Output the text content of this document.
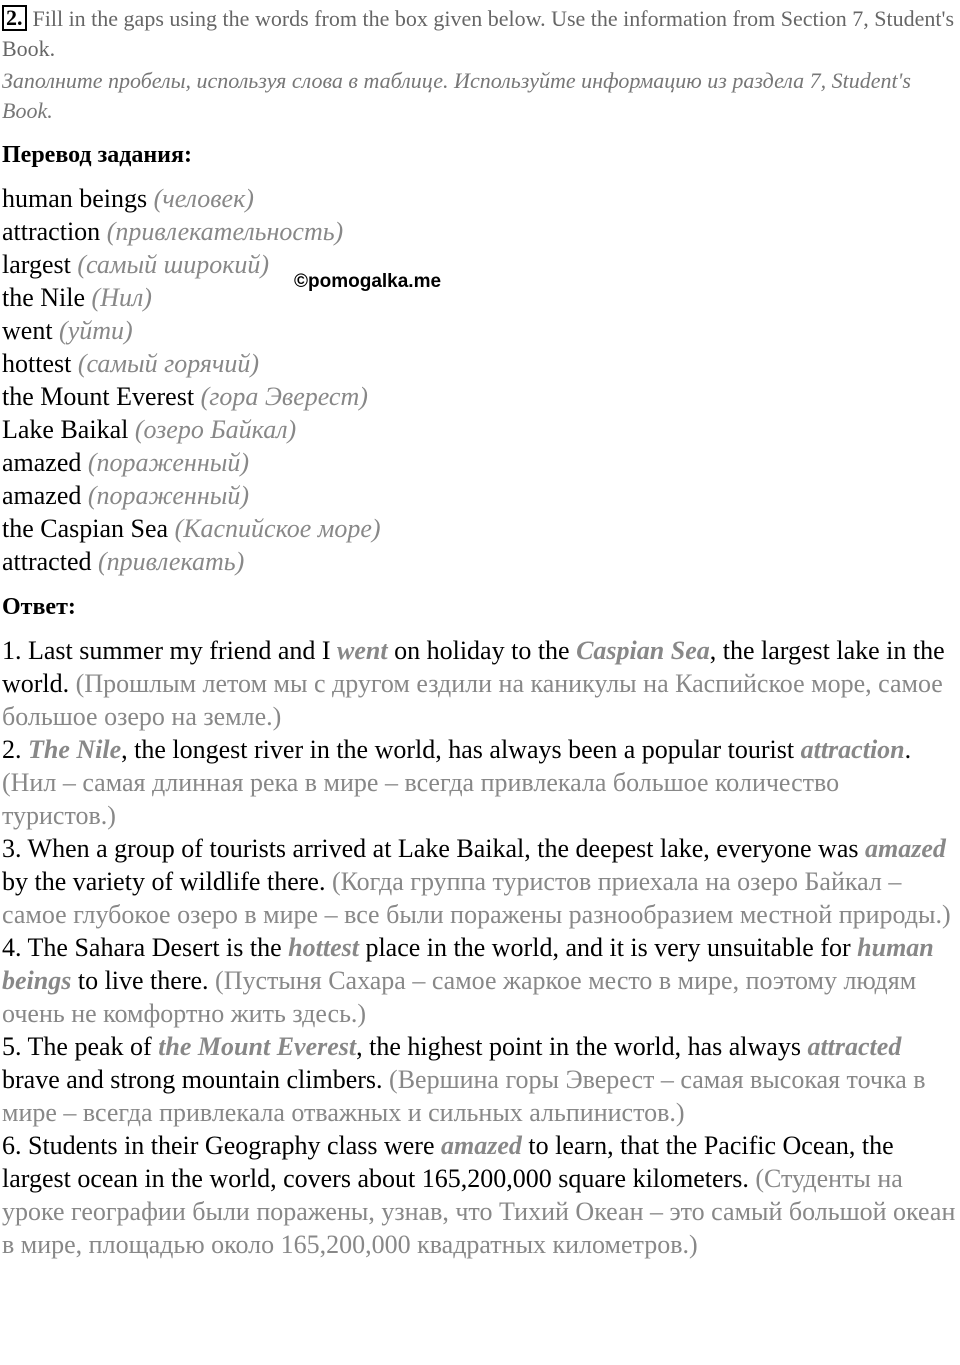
2. Fill in the gaps using the words from the box given below. Use the information from Section 7, Student's Book.
Заполните пробелы, используя слова в таблице. Используйте информацию из раздела 7, Student's Book.
Перевод задания:
human beings (человек)
attraction (привлекательность)
largest (самый широкий)
the Nile (Нил)
went (уйти)
hottest (самый горячий)
the Mount Everest (гора Эверест)
Lake Baikal (озеро Байкал)
amazed (пораженный)
amazed (пораженный)
the Caspian Sea (Каспийское море)
attracted (привлекать)
Ответ:

1. Last summer my friend and I went on holiday to the Caspian Sea, the largest lake in the world. (Прошлым летом мы с другом ездили на каникулы на Каспийское море, самое большое озеро на земле.)

2. The Nile, the longest river in the world, has always been a popular tourist attraction. (Нил – самая длинная река в мире – всегда привлекала большое количество туристов.)

3. When a group of tourists arrived at Lake Baikal, the deepest lake, everyone was amazed by the variety of wildlife there. (Когда группа туристов приехала на озеро Байкал – самое глубокое озеро в мире – все были поражены разнообразием местной природы.)

4. The Sahara Desert is the hottest place in the world, and it is very unsuitable for human beings to live there. (Пустыня Сахара – самое жаркое место в мире, поэтому людям очень не комфортно жить здесь.)

5. The peak of the Mount Everest, the highest point in the world, has always attracted brave and strong mountain climbers. (Вершина горы Эверест – самая высокая точка в мире – всегда привлекала отважных и сильных альпинистов.)

6. Students in their Geography class were amazed to learn, that the Pacific Ocean, the largest ocean in the world, covers about 165,200,000 square kilometers. (Студенты на уроке географии были поражены, узнав, что Тихий Океан – это самый большой океан в мире, площадью около 165,200,000 квадратных километров.)

©pomogalka.me
